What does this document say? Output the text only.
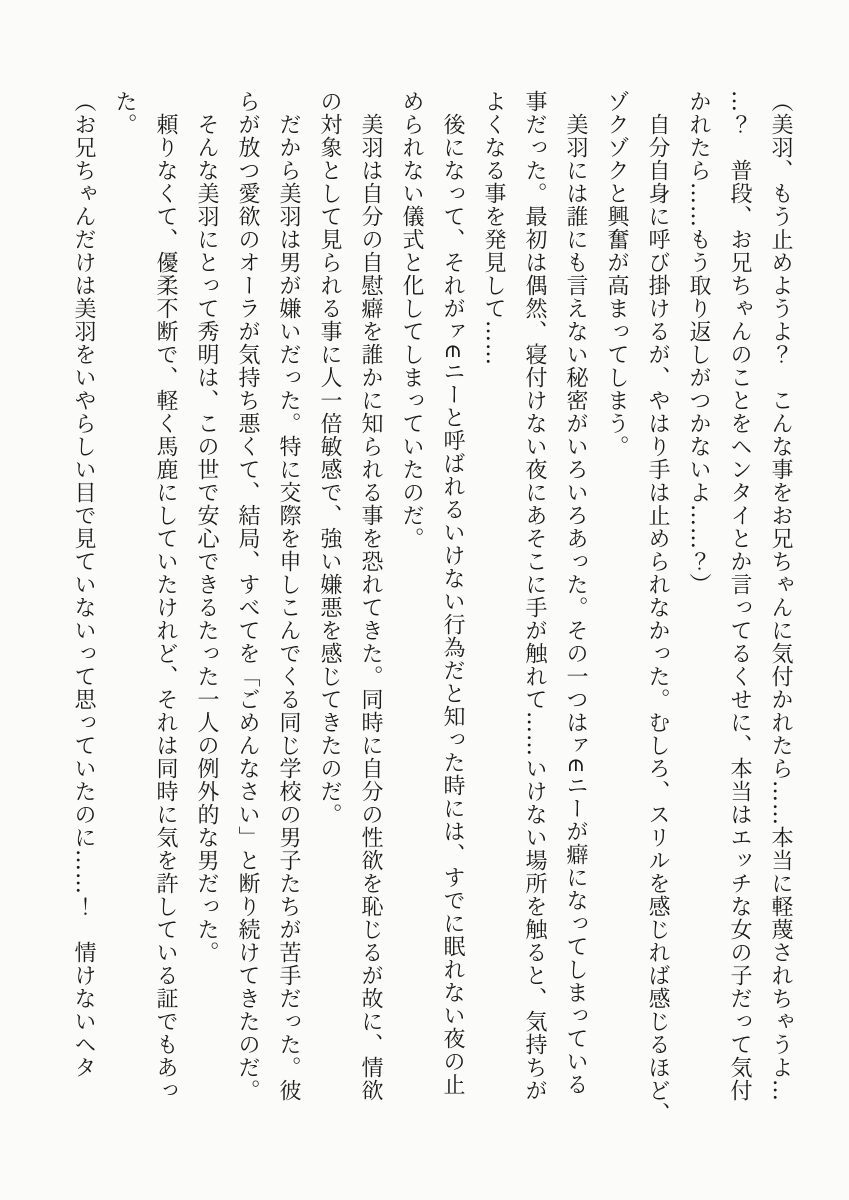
（美羽、もう止めようよ？　こんな事をお兄ちゃんに気付かれたら……本当に軽蔑されちゃうよ…
…？　普段、お兄ちゃんのことをヘンタイとか言ってるくせに、本当はエッチな女の子だって気付
かれたら……もう取り返しがつかないよ……？）
　自分自身に呼び掛けるが、やはり手は止められなかった。むしろ、スリルを感じれば感じるほど、
ゾクゾクと興奮が高まってしまう。
　美羽には誰にも言えない秘密がいろいろあった。その一つはァ∈ニーが癖になってしまっている
事だった。最初は偶然、寝付けない夜にあそこに手が触れて……いけない場所を触ると、気持ちが
よくなる事を発見して……
　後になって、それがァ∈ニーと呼ばれるいけない行為だと知った時には、すでに眠れない夜の止
められない儀式と化してしまっていたのだ。
　美羽は自分の自慰癖を誰かに知られる事を恐れてきた。同時に自分の性欲を恥じるが故に、情欲
の対象として見られる事に人一倍敏感で、強い嫌悪を感じてきたのだ。
　だから美羽は男が嫌いだった。特に交際を申しこんでくる同じ学校の男子たちが苦手だった。彼
らが放つ愛欲のオーラが気持ち悪くて、結局、すべてを「ごめんなさい」と断り続けてきたのだ。
　そんな美羽にとって秀明は、この世で安心できるたった一人の例外的な男だった。
　頼りなくて、優柔不断で、軽く馬鹿にしていたけれど、それは同時に気を許している証でもあっ
た。
（お兄ちゃんだけは美羽をいやらしい目で見ていないって思っていたのに……！　情けないヘタ
